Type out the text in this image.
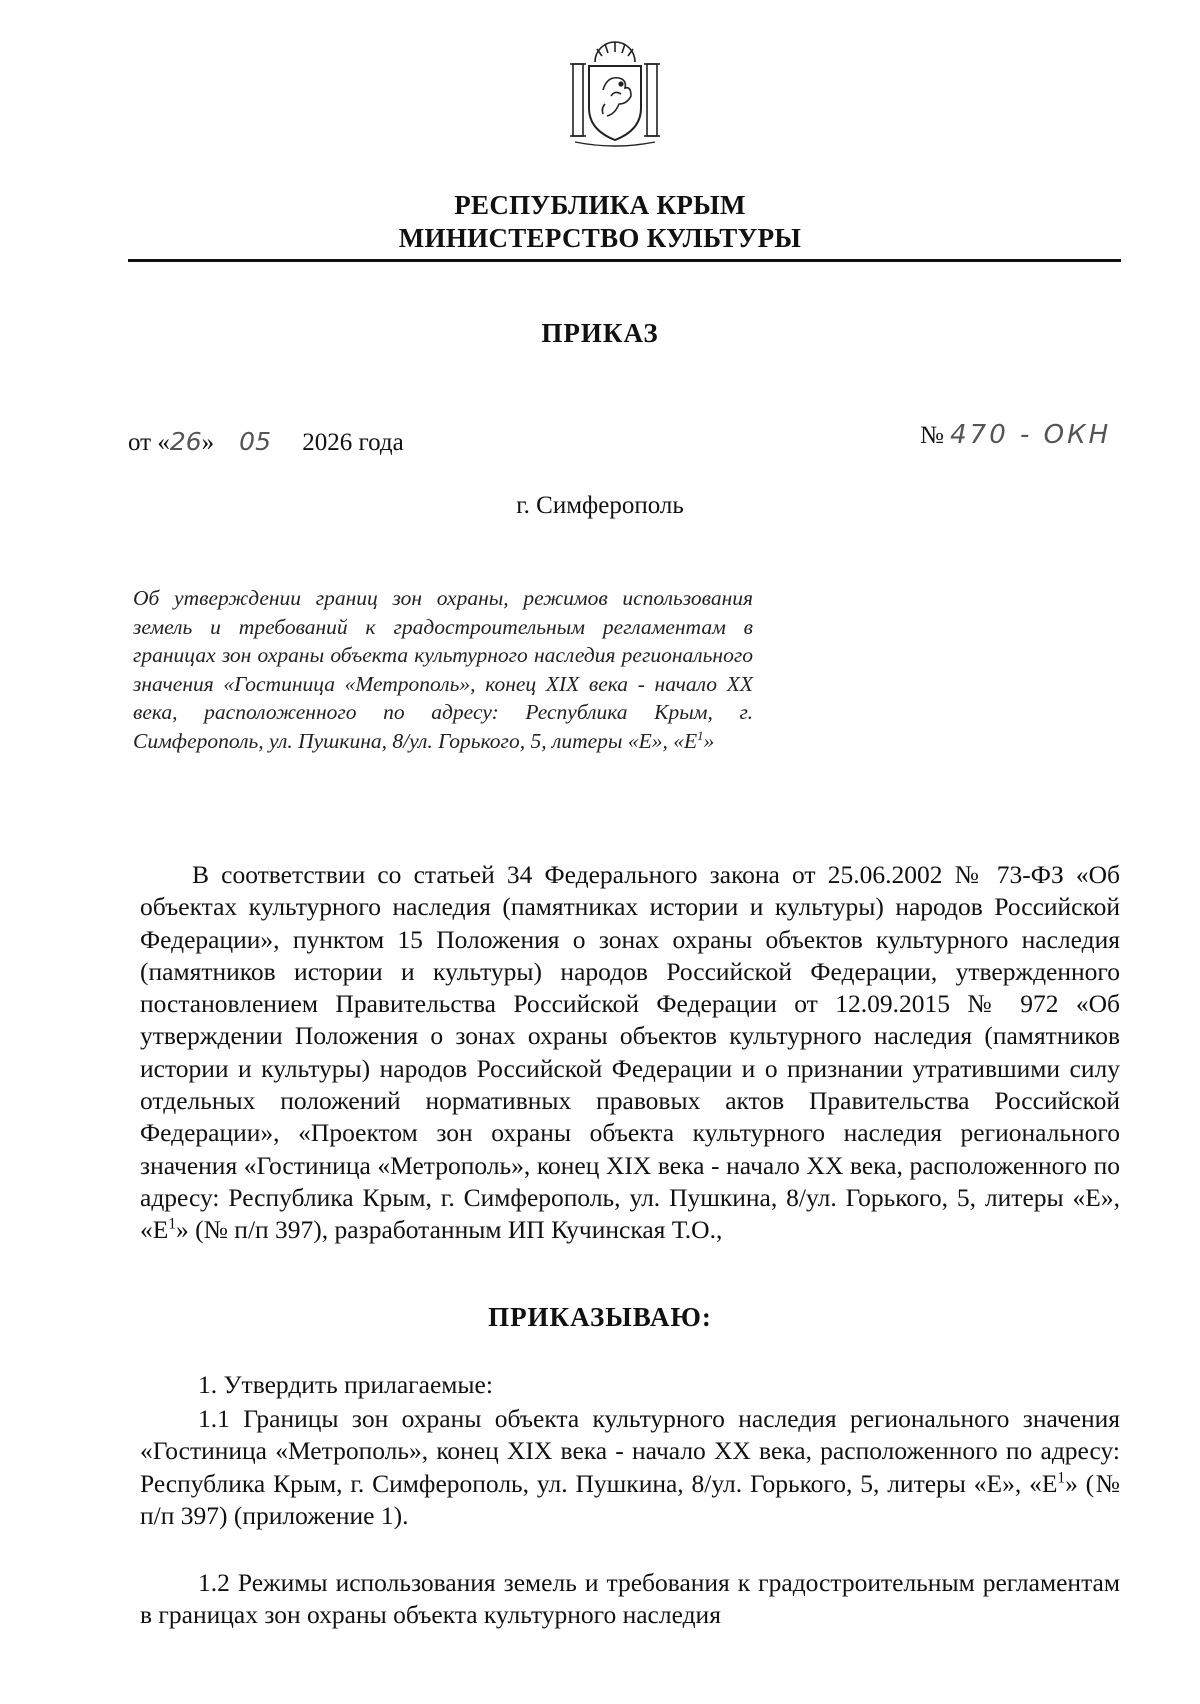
РЕСПУБЛИКА КРЫМ
МИНИСТЕРСТВО КУЛЬТУРЫ
ПРИКАЗ
от «26» 05 2026 года	№ 470 - ОКН
г. Симферополь
Об утверждении границ зон охраны, режимов использования земель и требований к градостроительным регламентам в границах зон охраны объекта культурного наследия регионального значения «Гостиница «Метрополь», конец XIX века - начало XX века, расположенного по адресу: Республика Крым, г. Симферополь, ул. Пушкина, 8/ул. Горького, 5, литеры «Е», «$Е^1$»
В соответствии со статьей 34 Федерального закона от 25.06.2002 № 73-ФЗ «Об объектах культурного наследия (памятниках истории и культуры) народов Российской Федерации», пунктом 15 Положения о зонах охраны объектов культурного наследия (памятников истории и культуры) народов Российской Федерации, утвержденного постановлением Правительства Российской Федерации от 12.09.2015 № 972 «Об утверждении Положения о зонах охраны объектов культурного наследия (памятников истории и культуры) народов Российской Федерации и о признании утратившими силу отдельных положений нормативных правовых актов Правительства Российской Федерации», «Проектом зон охраны объекта культурного наследия регионального значения «Гостиница «Метрополь», конец XIX века - начало XX века, расположенного по адресу: Республика Крым, г. Симферополь, ул. Пушкина, 8/ул. Горького, 5, литеры «Е», «$Е^1$» (№ п/п 397), разработанным ИП Кучинская Т.О.,
ПРИКАЗЫВАЮ:
1. Утвердить прилагаемые:
1.1 Границы зон охраны объекта культурного наследия регионального значения «Гостиница «Метрополь», конец XIX века - начало XX века, расположенного по адресу: Республика Крым, г. Симферополь, ул. Пушкина, 8/ул. Горького, 5, литеры «Е», «$Е^1$» (№ п/п 397) (приложение 1).
1.2 Режимы использования земель и требования к градостроительным регламентам в границах зон охраны объекта культурного наследия
